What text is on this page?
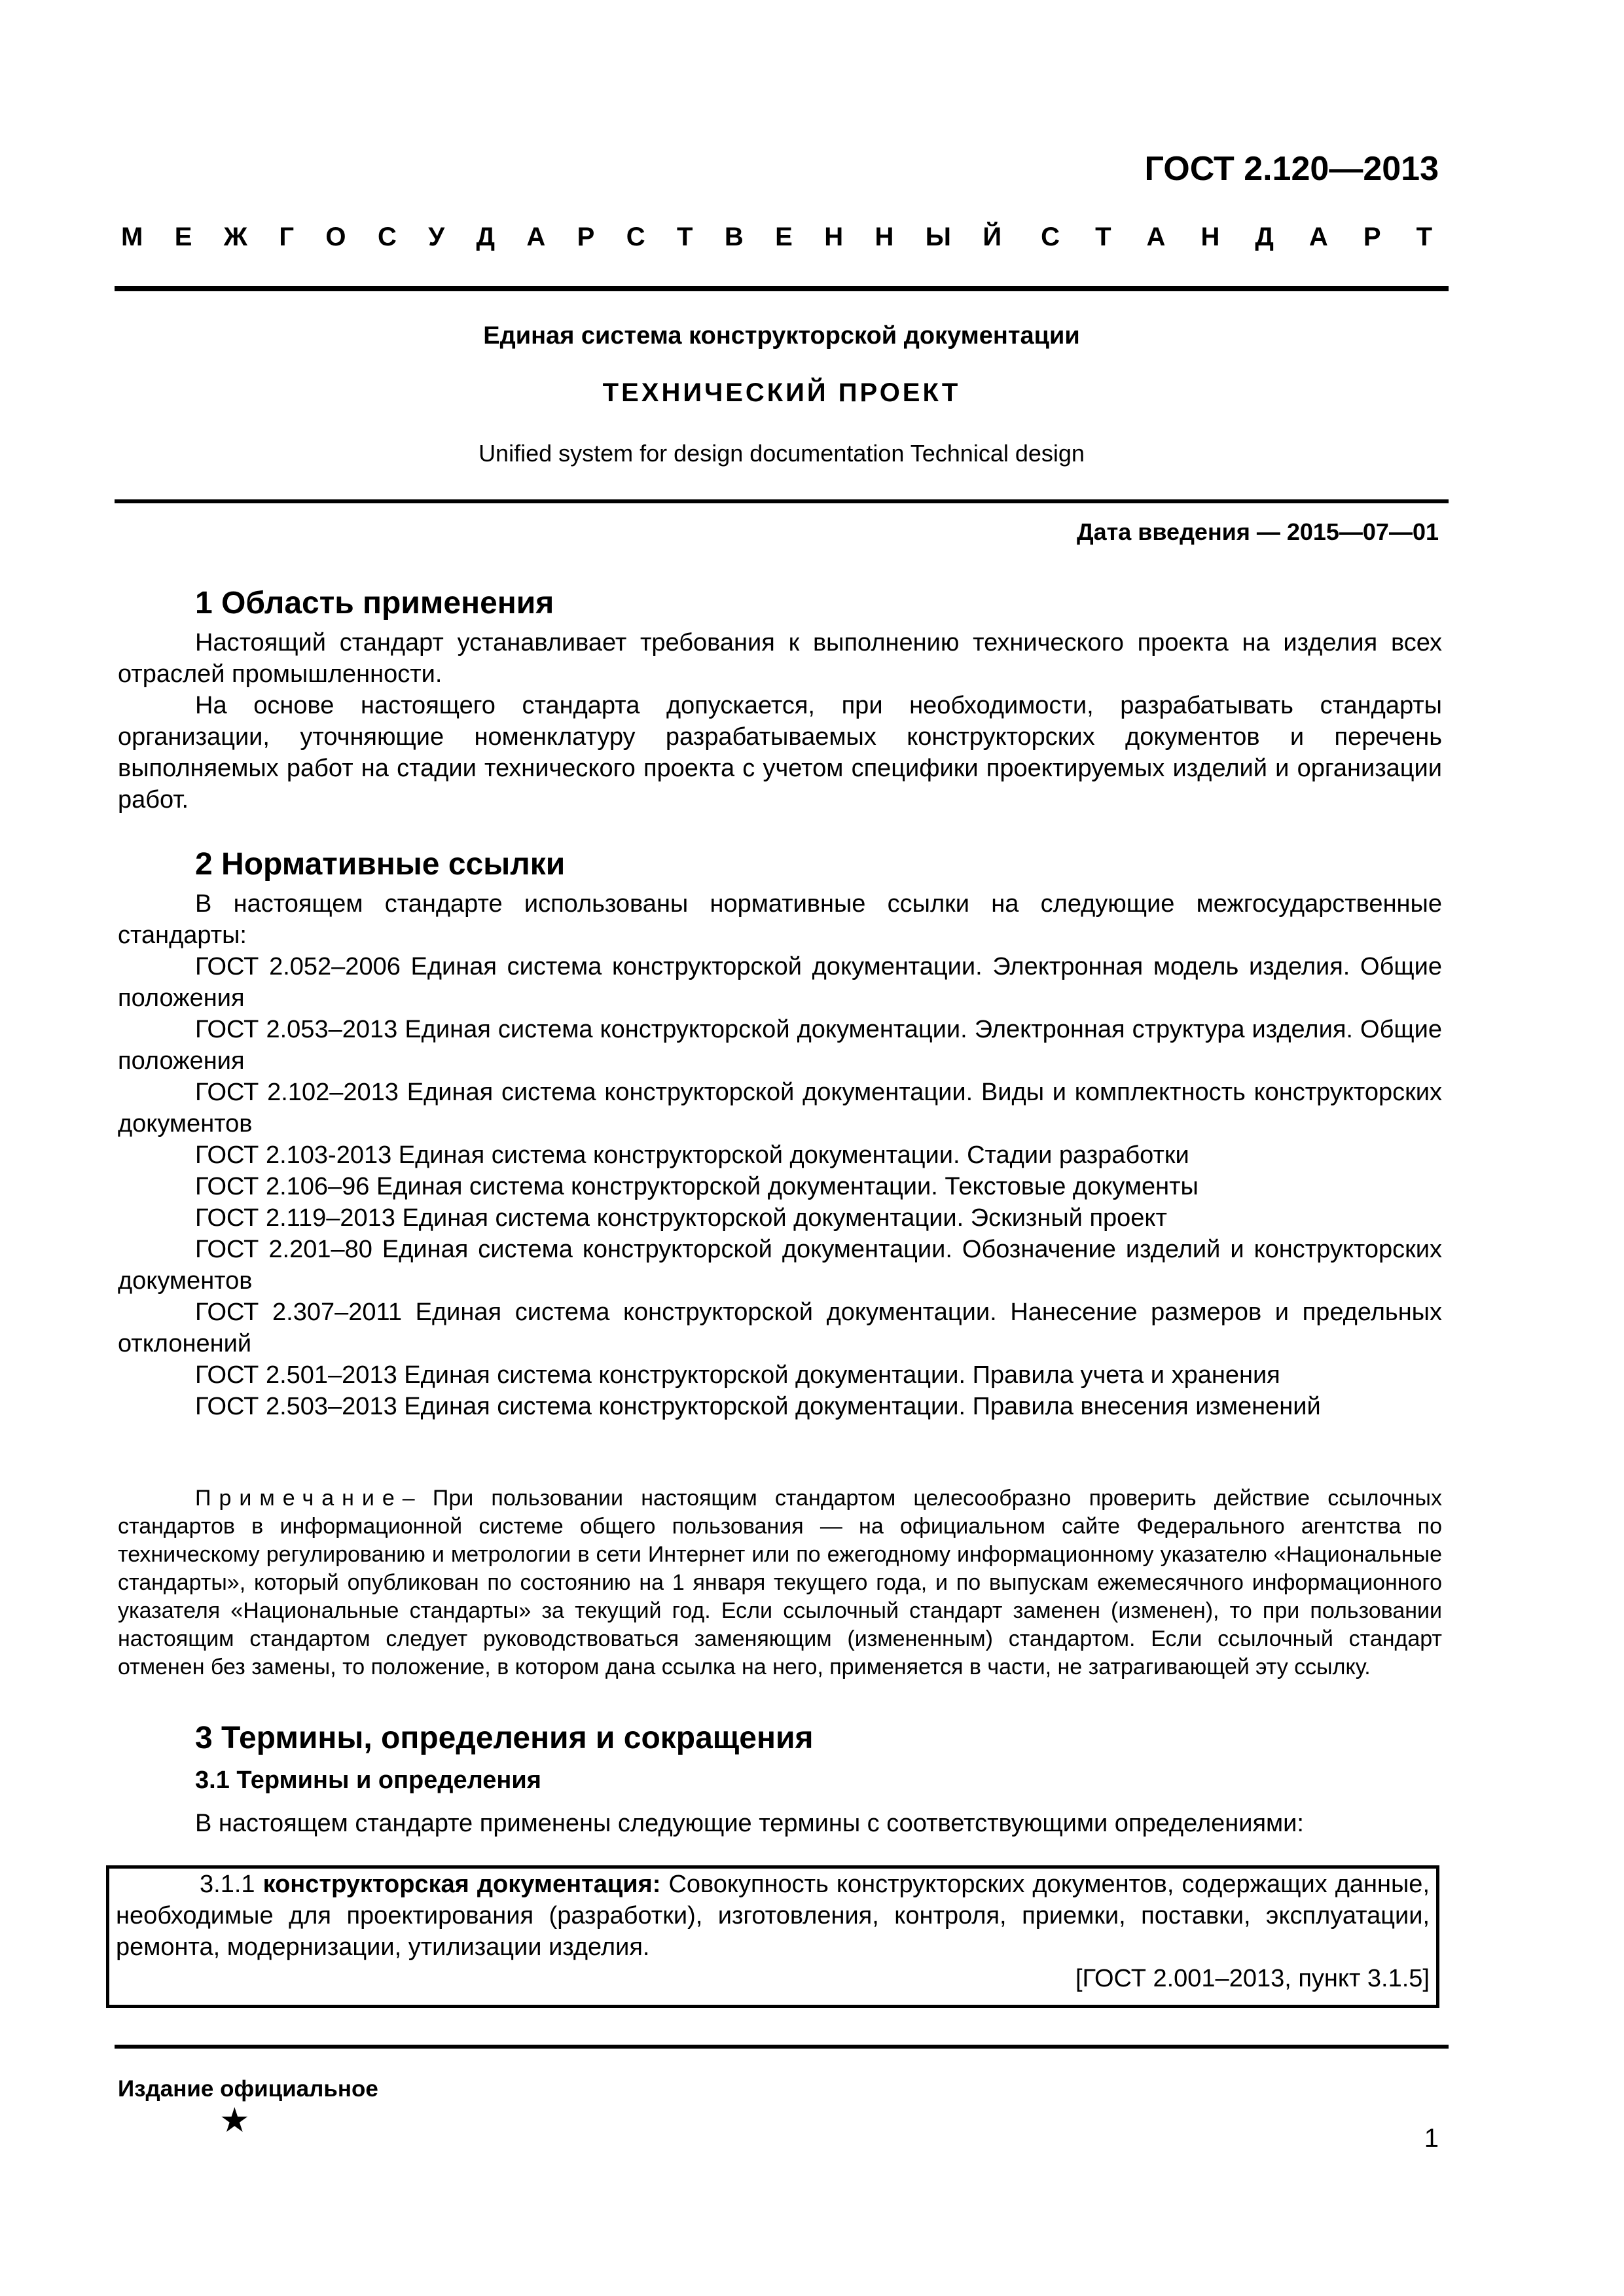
ГОСТ 2.120—2013
М Е Ж Г О С У Д А Р С Т В Е Н Н Ы Й С Т А Н Д А Р Т
Единая система конструкторской документации
ТЕХНИЧЕСКИЙ ПРОЕКТ
Unified system for design documentation Technical design
Дата введения — 2015—07—01
1 Область применения

Настоящий стандарт устанавливает требования к выполнению технического проекта на изделия всех отраслей промышленности.

На основе настоящего стандарта допускается, при необходимости, разрабатывать стандарты организации, уточняющие номенклатуру разрабатываемых конструкторских документов и перечень выполняемых работ на стадии технического проекта с учетом специфики проектируемых изделий и организации работ.

2 Нормативные ссылки

В настоящем стандарте использованы нормативные ссылки на следующие межгосударственные стандарты:

ГОСТ 2.052–2006 Единая система конструкторской документации. Электронная модель изделия. Общие положения

ГОСТ 2.053–2013 Единая система конструкторской документации. Электронная структура изделия. Общие положения

ГОСТ 2.102–2013 Единая система конструкторской документации. Виды и комплектность конструкторских документов

ГОСТ 2.103-2013 Единая система конструкторской документации. Стадии разработки

ГОСТ 2.106–96 Единая система конструкторской документации. Текстовые документы

ГОСТ 2.119–2013 Единая система конструкторской документации. Эскизный проект

ГОСТ 2.201–80 Единая система конструкторской документации. Обозначение изделий и конструкторских документов

ГОСТ 2.307–2011 Единая система конструкторской документации. Нанесение размеров и предельных отклонений

ГОСТ 2.501–2013 Единая система конструкторской документации. Правила учета и хранения

ГОСТ 2.503–2013 Единая система конструкторской документации. Правила внесения изменений

Примечание– При пользовании настоящим стандартом целесообразно проверить действие ссылочных стандартов в информационной системе общего пользования — на официальном сайте Федерального агентства по техническому регулированию и метрологии в сети Интернет или по ежегодному информационному указателю «Национальные стандарты», который опубликован по состоянию на 1 января текущего года, и по выпускам ежемесячного информационного указателя «Национальные стандарты» за текущий год. Если ссылочный стандарт заменен (изменен), то при пользовании настоящим стандартом следует руководствоваться заменяющим (измененным) стандартом. Если ссылочный стандарт отменен без замены, то положение, в котором дана ссылка на него, применяется в части, не затрагивающей эту ссылку.

3 Термины, определения и сокращения
3.1 Термины и определения

В настоящем стандарте применены следующие термины с соответствующими определениями:

3.1.1 конструкторская документация: Совокупность конструкторских документов, содержащих данные, необходимые для проектирования (разработки), изготовления, контроля, приемки, поставки, эксплуатации, ремонта, модернизации, утилизации изделия.

[ГОСТ 2.001–2013, пункт 3.1.5]

Издание официальное
★	1
